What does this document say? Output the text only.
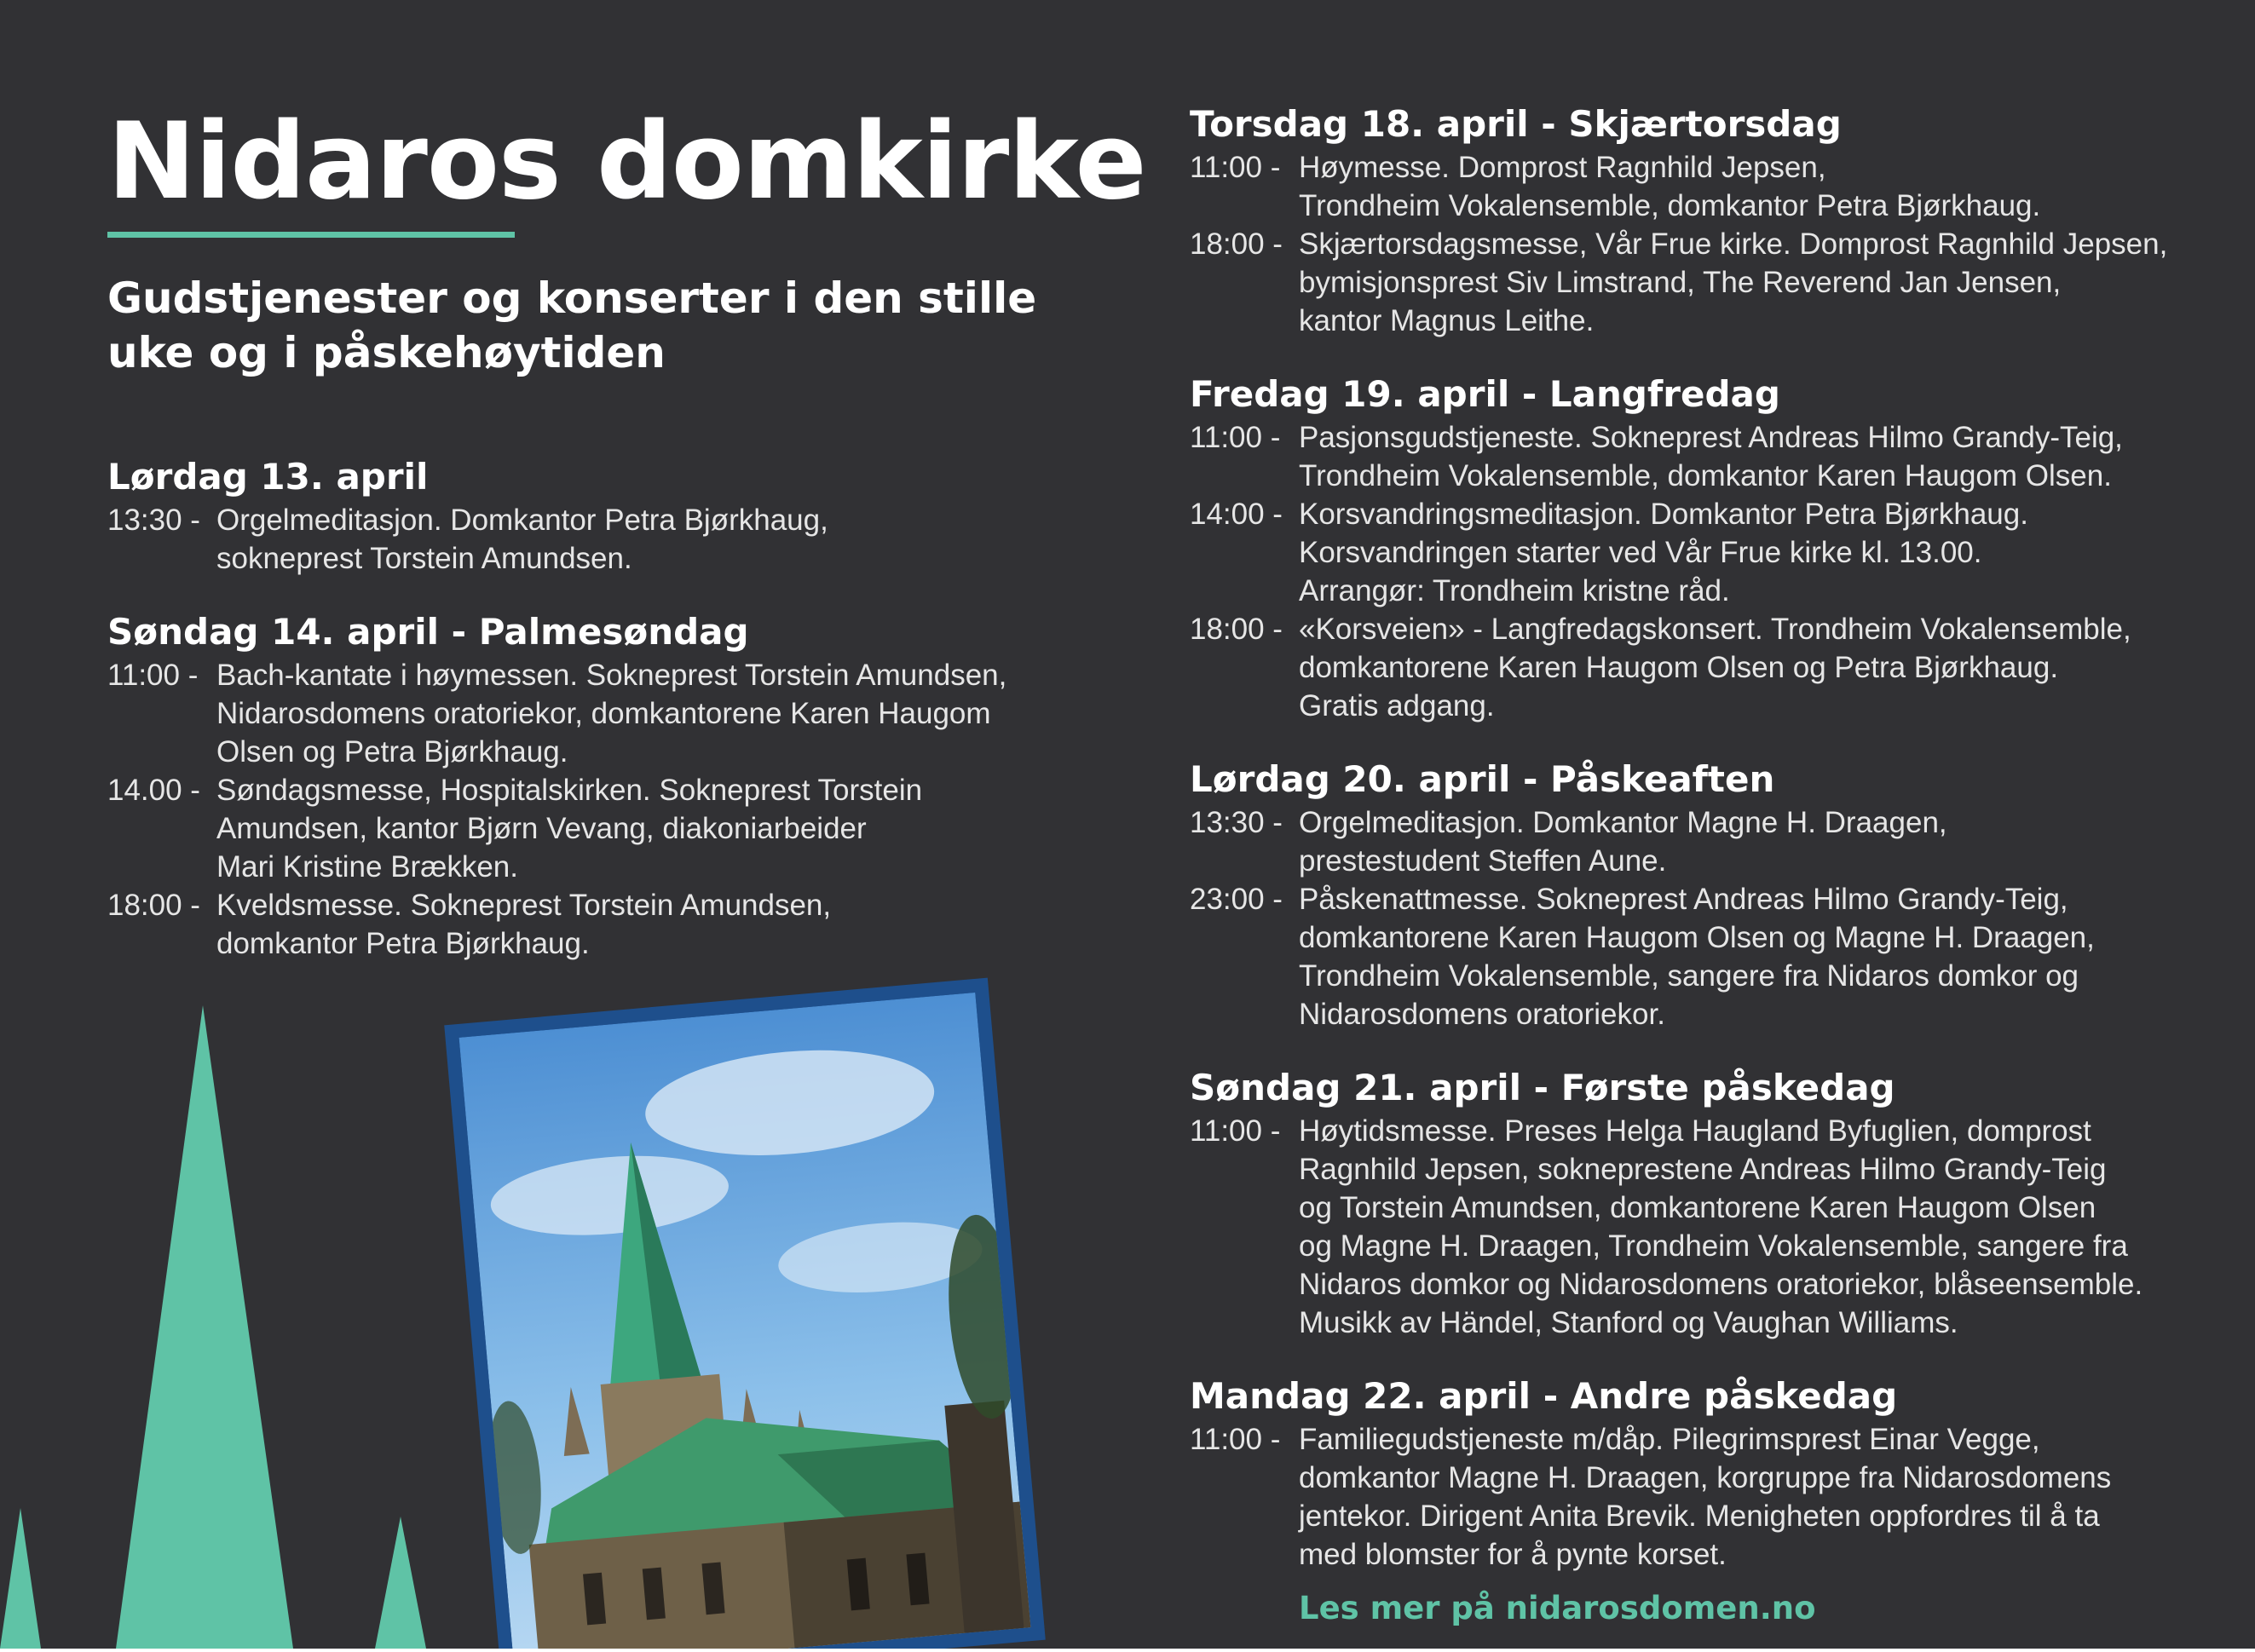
Nidaros domkirke
Gudstjenester og konserter i den stille uke og i påskehøytiden
Lørdag 13. april
13:30 - Orgelmeditasjon. Domkantor Petra Bjørkhaug,
sokneprest Torstein Amundsen.
Søndag 14. april - Palmesøndag
11:00 - Bach-kantate i høymessen. Sokneprest Torstein Amundsen,
Nidarosdomens oratoriekor, domkantorene Karen Haugom
Olsen og Petra Bjørkhaug.
14.00 - Søndagsmesse, Hospitalskirken. Sokneprest Torstein
Amundsen, kantor Bjørn Vevang, diakoniarbeider
Mari Kristine Brækken.
18:00 - Kveldsmesse. Sokneprest Torstein Amundsen,
domkantor Petra Bjørkhaug.
Torsdag 18. april - Skjærtorsdag
11:00 - Høymesse. Domprost Ragnhild Jepsen,
Trondheim Vokalensemble, domkantor Petra Bjørkhaug.
18:00 - Skjærtorsdagsmesse, Vår Frue kirke. Domprost Ragnhild Jepsen,
bymisjonsprest Siv Limstrand, The Reverend Jan Jensen,
kantor Magnus Leithe.
Fredag 19. april - Langfredag
11:00 - Pasjonsgudstjeneste. Sokneprest Andreas Hilmo Grandy-Teig,
Trondheim Vokalensemble, domkantor Karen Haugom Olsen.
14:00 - Korsvandringsmeditasjon. Domkantor Petra Bjørkhaug.
Korsvandringen starter ved Vår Frue kirke kl. 13.00.
Arrangør: Trondheim kristne råd.
18:00 - «Korsveien» - Langfredagskonsert. Trondheim Vokalensemble,
domkantorene Karen Haugom Olsen og Petra Bjørkhaug.
Gratis adgang.
Lørdag 20. april - Påskeaften
13:30 - Orgelmeditasjon. Domkantor Magne H. Draagen,
prestestudent Steffen Aune.
23:00 - Påskenattmesse. Sokneprest Andreas Hilmo Grandy-Teig,
domkantorene Karen Haugom Olsen og Magne H. Draagen,
Trondheim Vokalensemble, sangere fra Nidaros domkor og
Nidarosdomens oratoriekor.
Søndag 21. april - Første påskedag
11:00 - Høytidsmesse. Preses Helga Haugland Byfuglien, domprost
Ragnhild Jepsen, sokneprestene Andreas Hilmo Grandy-Teig
og Torstein Amundsen, domkantorene Karen Haugom Olsen
og Magne H. Draagen, Trondheim Vokalensemble, sangere fra
Nidaros domkor og Nidarosdomens oratoriekor, blåseensemble.
Musikk av Händel, Stanford og Vaughan Williams.
Mandag 22. april - Andre påskedag
11:00 - Familiegudstjeneste m/dåp. Pilegrimsprest Einar Vegge,
domkantor Magne H. Draagen, korgruppe fra Nidarosdomens
jentekor. Dirigent Anita Brevik. Menigheten oppfordres til å ta
med blomster for å pynte korset.
Les mer på nidarosdomen.no
